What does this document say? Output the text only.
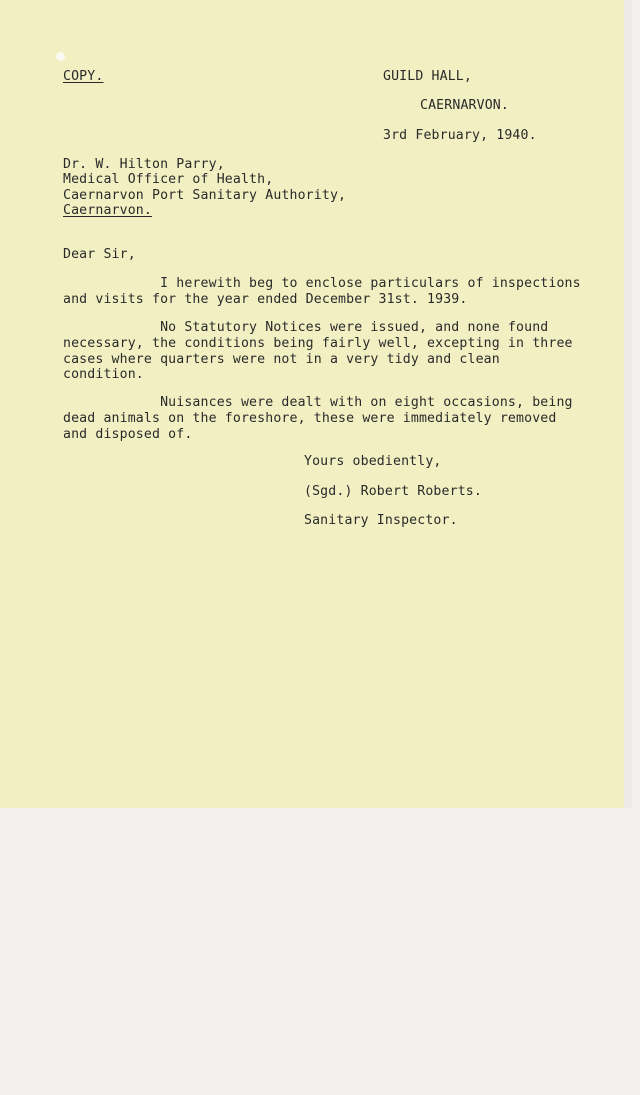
COPY.	GUILD HALL,
CAERNARVON.
3rd February, 1940.
Dr. W. Hilton Parry,
Medical Officer of Health,
Caernarvon Port Sanitary Authority,
Caernarvon.
Dear Sir,
I herewith beg to enclose particulars of inspections
and visits for the year ended December 31st. 1939.
No Statutory Notices were issued, and none found
necessary, the conditions being fairly well, excepting in three
cases where quarters were not in a very tidy and clean
condition.
Nuisances were dealt with on eight occasions, being
dead animals on the foreshore, these were immediately removed
and disposed of.
Yours obediently,
(Sgd.) Robert Roberts.
Sanitary Inspector.
